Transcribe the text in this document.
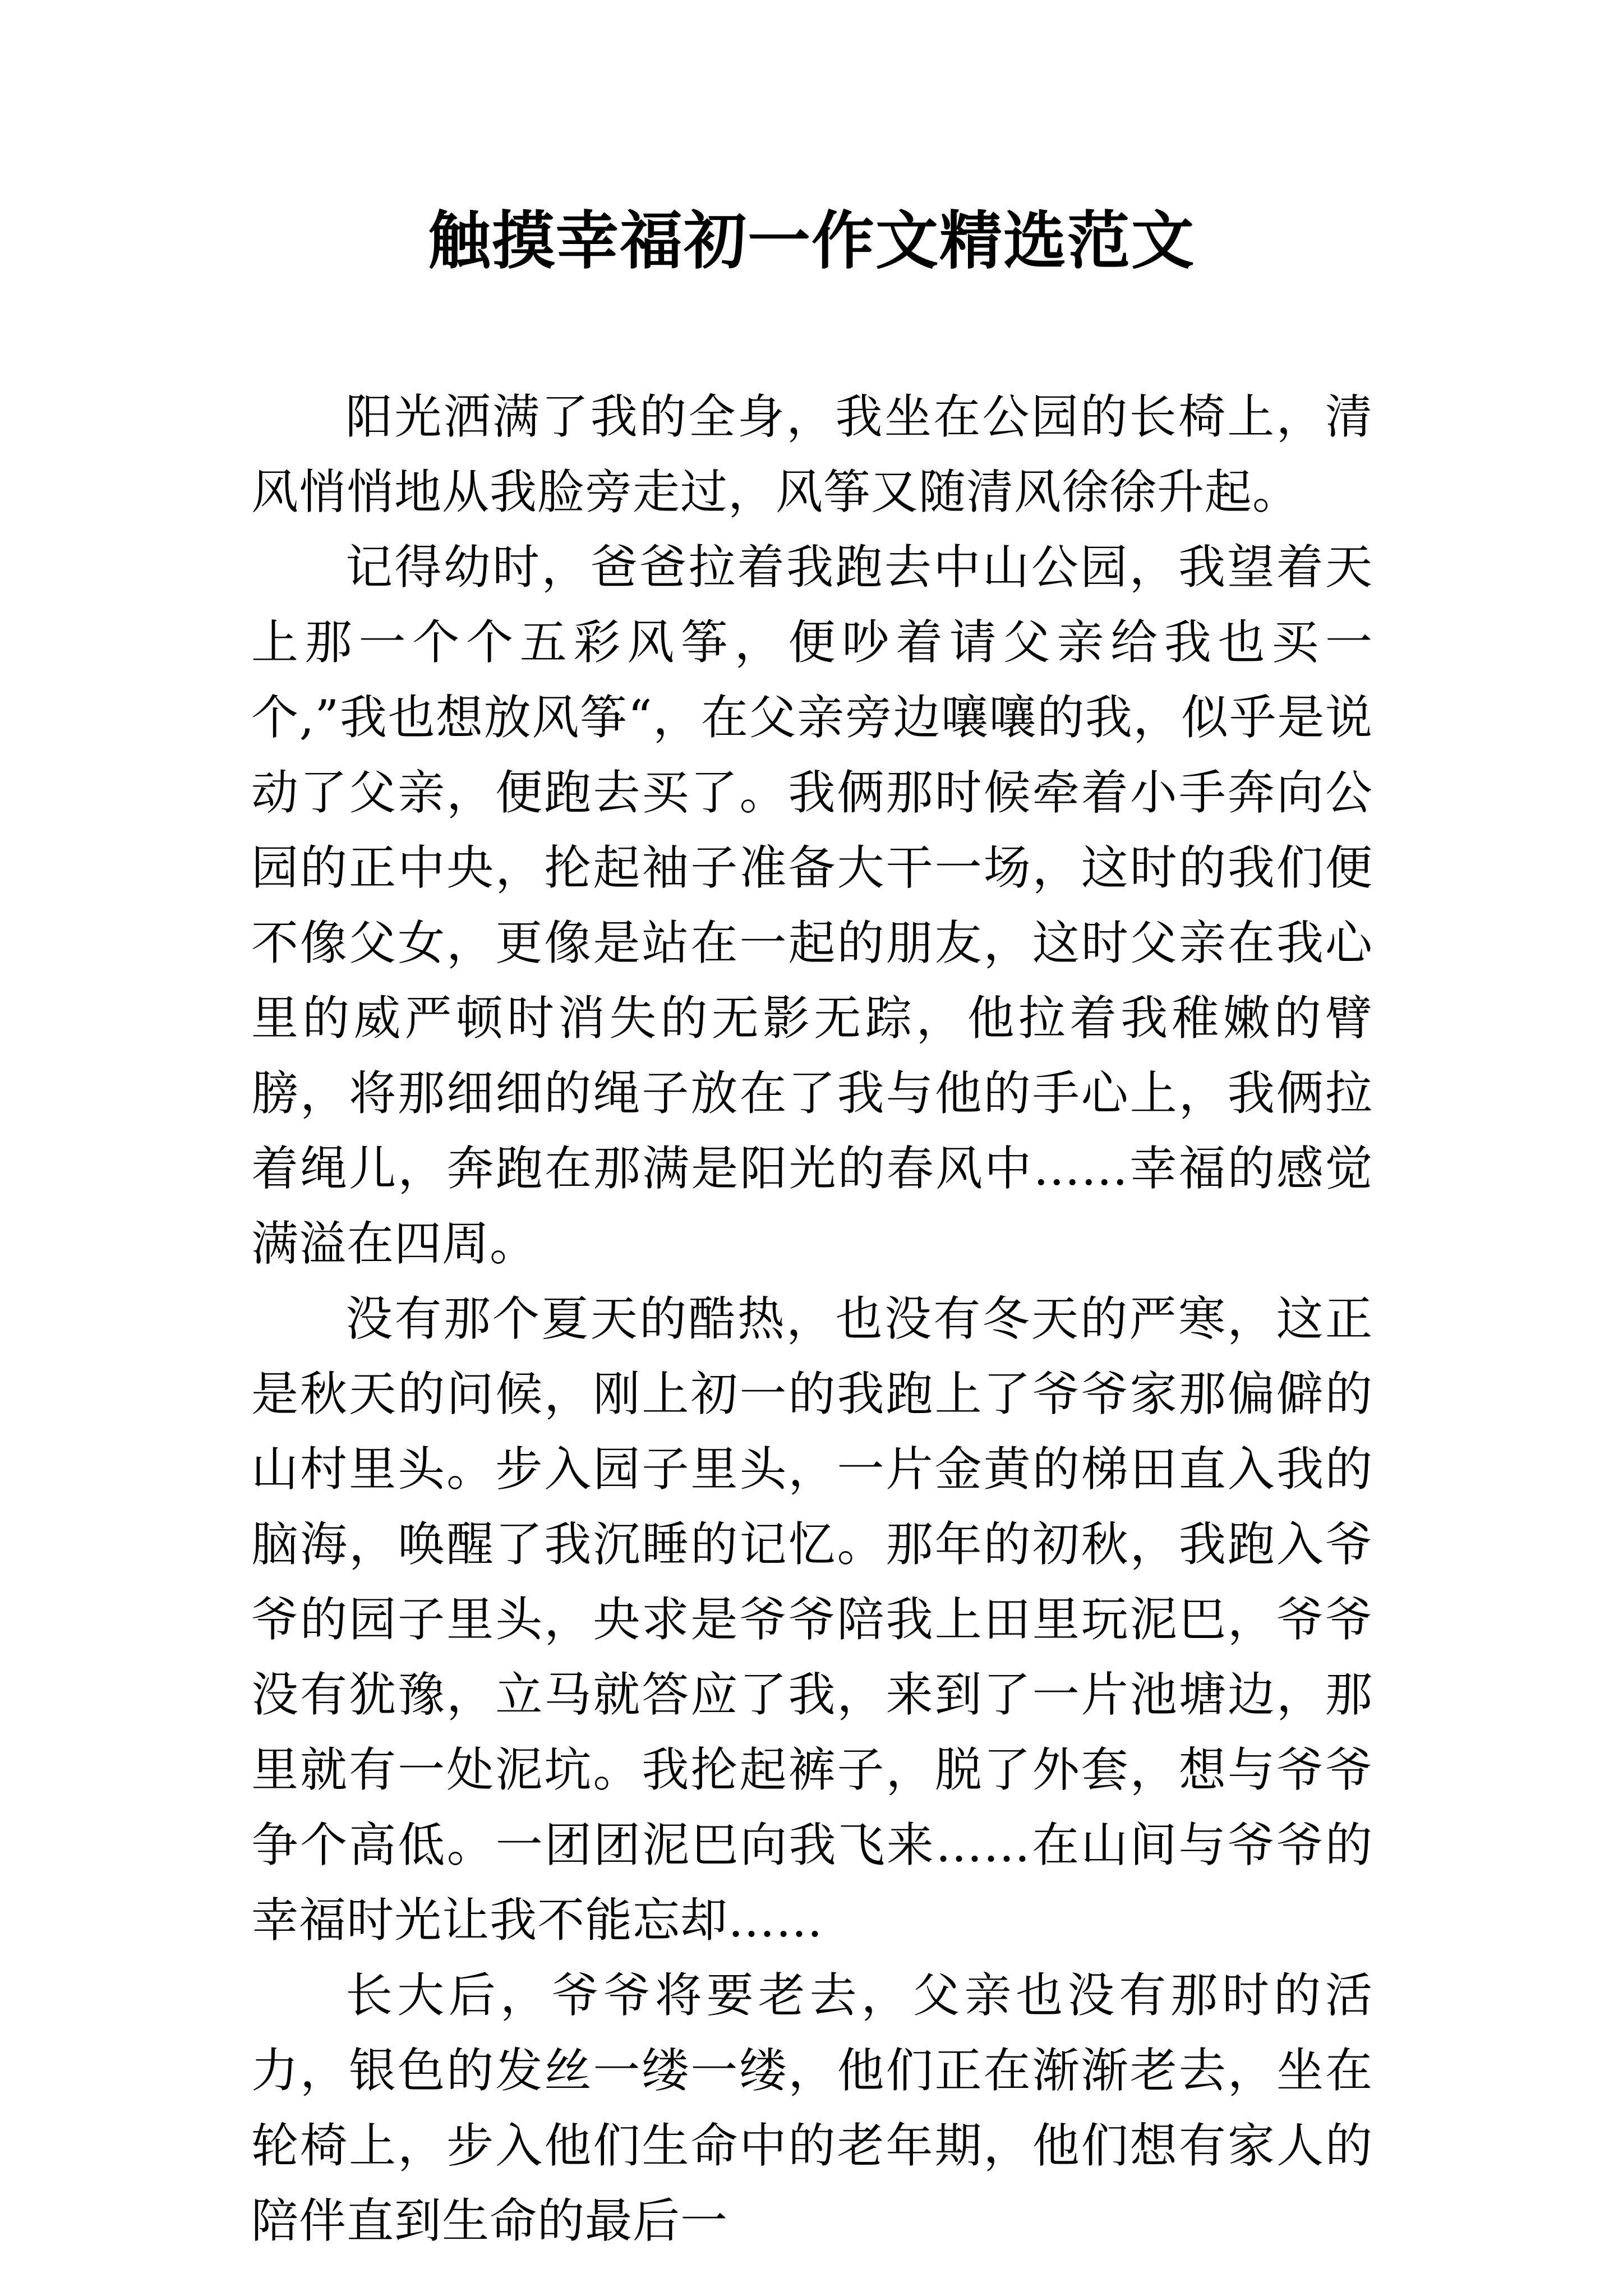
触摸幸福初一作文精选范文

阳光洒满了我的全身，我坐在公园的长椅上，清风悄悄地从我脸旁走过，风筝又随清风徐徐升起。

记得幼时，爸爸拉着我跑去中山公园，我望着天上那一个个五彩风筝，便吵着请父亲给我也买一个,”我也想放风筝“，在父亲旁边嚷嚷的我，似乎是说动了父亲，便跑去买了。我俩那时候牵着小手奔向公园的正中央，抡起袖子准备大干一场，这时的我们便不像父女，更像是站在一起的朋友，这时父亲在我心里的威严顿时消失的无影无踪，他拉着我稚嫩的臂膀，将那细细的绳子放在了我与他的手心上，我俩拉着绳儿，奔跑在那满是阳光的春风中……幸福的感觉满溢在四周。

没有那个夏天的酷热，也没有冬天的严寒，这正是秋天的问候，刚上初一的我跑上了爷爷家那偏僻的山村里头。步入园子里头，一片金黄的梯田直入我的脑海，唤醒了我沉睡的记忆。那年的初秋，我跑入爷爷的园子里头，央求是爷爷陪我上田里玩泥巴，爷爷没有犹豫，立马就答应了我，来到了一片池塘边，那里就有一处泥坑。我抡起裤子，脱了外套，想与爷爷争个高低。一团团泥巴向我飞来……在山间与爷爷的幸福时光让我不能忘却……

长大后，爷爷将要老去，父亲也没有那时的活力，银色的发丝一缕一缕，他们正在渐渐老去，坐在轮椅上，步入他们生命中的老年期，他们想有家人的陪伴直到生命的最后一
